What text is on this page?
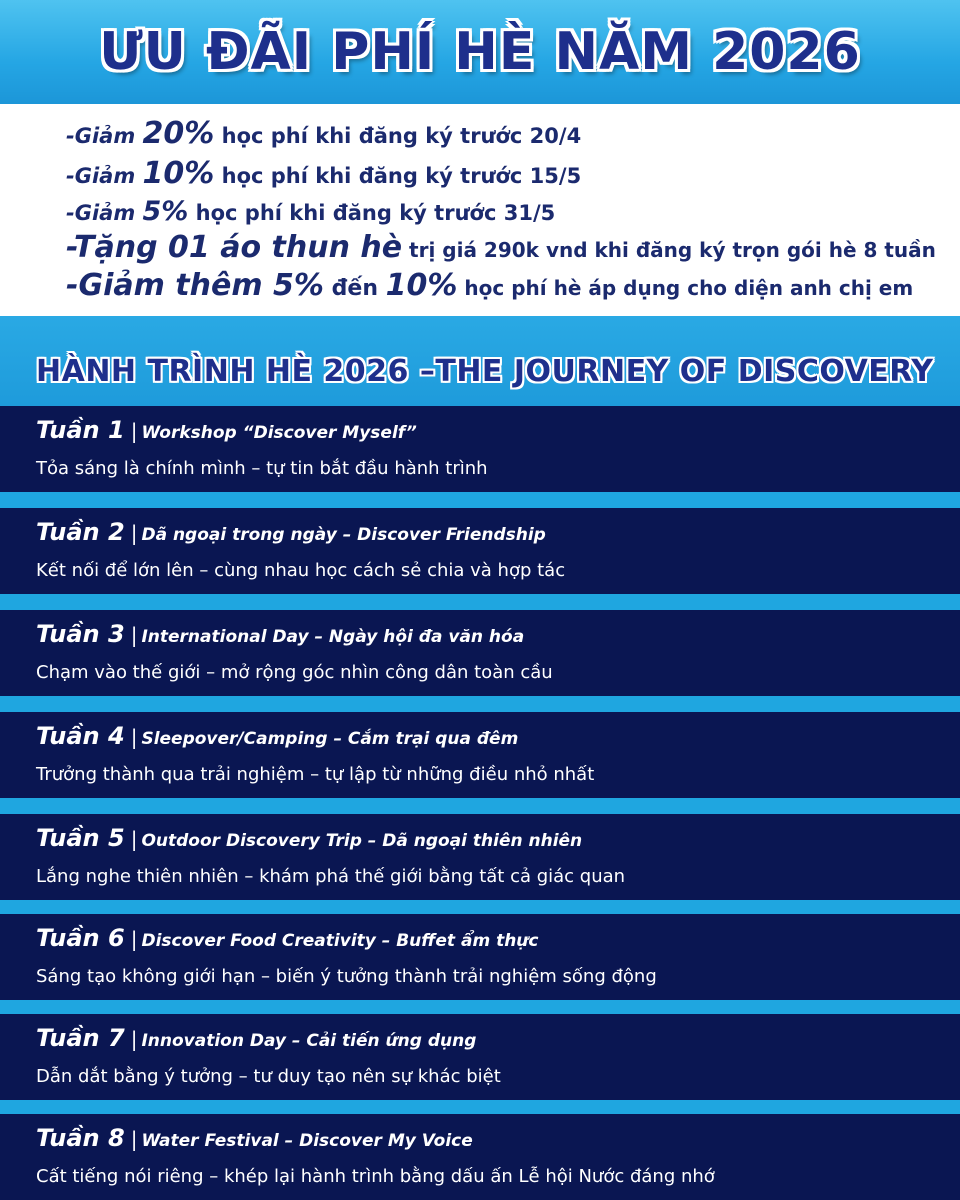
ƯU ĐÃI PHÍ HÈ NĂM 2026
-Giảm 20% học phí khi đăng ký trước 20/4
-Giảm 10% học phí khi đăng ký trước 15/5
-Giảm 5% học phí khi đăng ký trước 31/5
-Tặng 01 áo thun hè trị giá 290k vnd khi đăng ký trọn gói hè 8 tuần
-Giảm thêm 5% đến 10% học phí hè áp dụng cho diện anh chị em
HÀNH TRÌNH HÈ 2026 –THE JOURNEY OF DISCOVERY
Tuần 1 | Workshop “Discover Myself”
Tỏa sáng là chính mình – tự tin bắt đầu hành trình
Tuần 2 | Dã ngoại trong ngày – Discover Friendship
Kết nối để lớn lên – cùng nhau học cách sẻ chia và hợp tác
Tuần 3 | International Day – Ngày hội đa văn hóa
Chạm vào thế giới – mở rộng góc nhìn công dân toàn cầu
Tuần 4 | Sleepover/Camping – Cắm trại qua đêm
Trưởng thành qua trải nghiệm – tự lập từ những điều nhỏ nhất
Tuần 5 | Outdoor Discovery Trip – Dã ngoại thiên nhiên
Lắng nghe thiên nhiên – khám phá thế giới bằng tất cả giác quan
Tuần 6 | Discover Food Creativity – Buffet ẩm thực
Sáng tạo không giới hạn – biến ý tưởng thành trải nghiệm sống động
Tuần 7 | Innovation Day – Cải tiến ứng dụng
Dẫn dắt bằng ý tưởng – tư duy tạo nên sự khác biệt
Tuần 8 | Water Festival – Discover My Voice
Cất tiếng nói riêng – khép lại hành trình bằng dấu ấn Lễ hội Nước đáng nhớ
